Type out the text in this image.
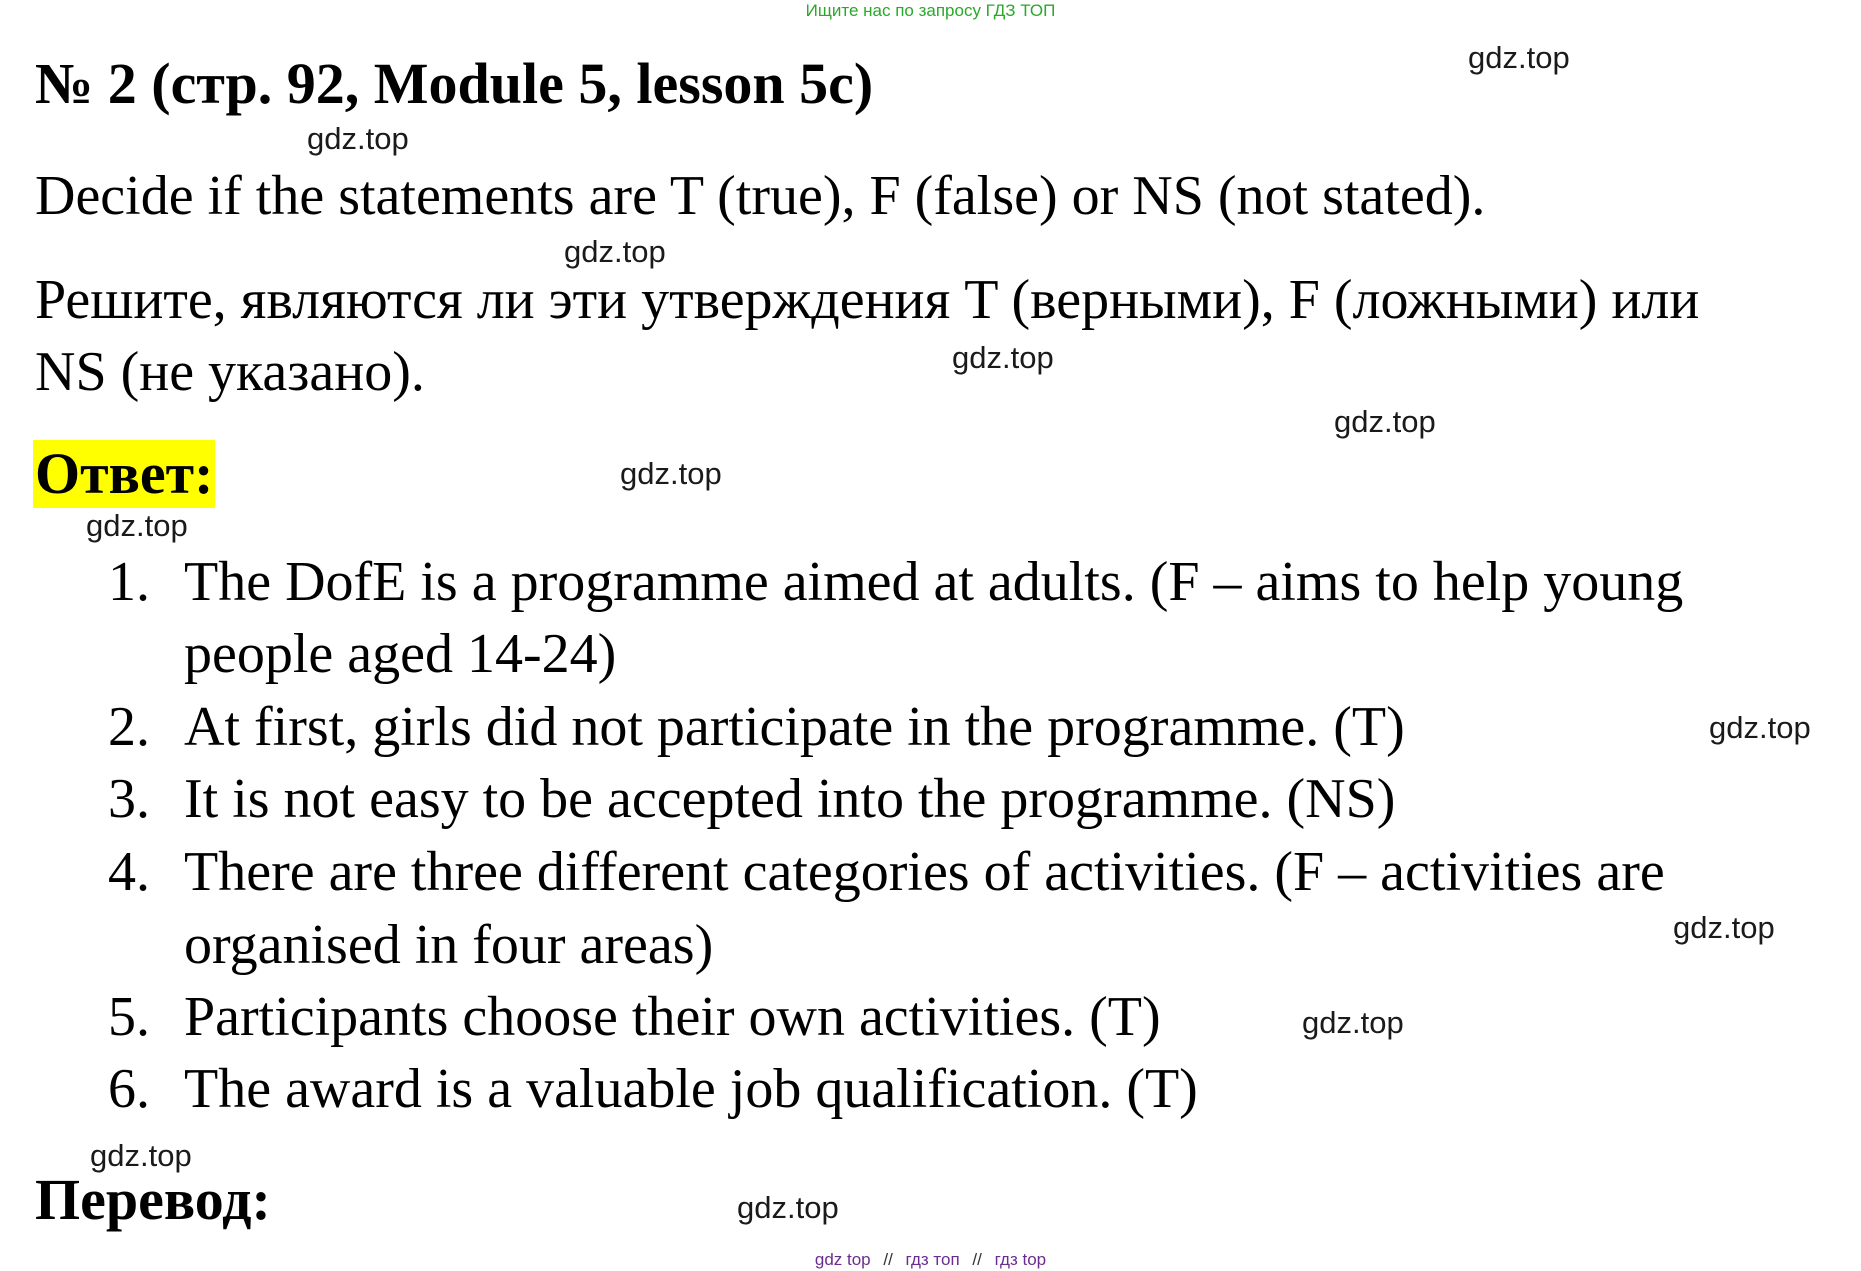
Ищите нас по запросу ГДЗ ТОП
№ 2 (стр. 92, Module 5, lesson 5c)
Decide if the statements are T (true), F (false) or NS (not stated).
Решите, являются ли эти утверждения T (верными), F (ложными) или
NS (не указано).
Ответ:
1. The DofE is a programme aimed at adults. (F – aims to help young
people aged 14-24)
2. At first, girls did not participate in the programme. (T)
3. It is not easy to be accepted into the programme. (NS)
4. There are three different categories of activities. (F – activities are
organised in four areas)
5. Participants choose their own activities. (T)
6. The award is a valuable job qualification. (T)
Перевод:
gdz.top
gdz.top
gdz.top
gdz.top
gdz.top
gdz.top
gdz.top
gdz.top
gdz.top
gdz.top
gdz.top
gdz.top
gdz top // гдз топ // гдз top
